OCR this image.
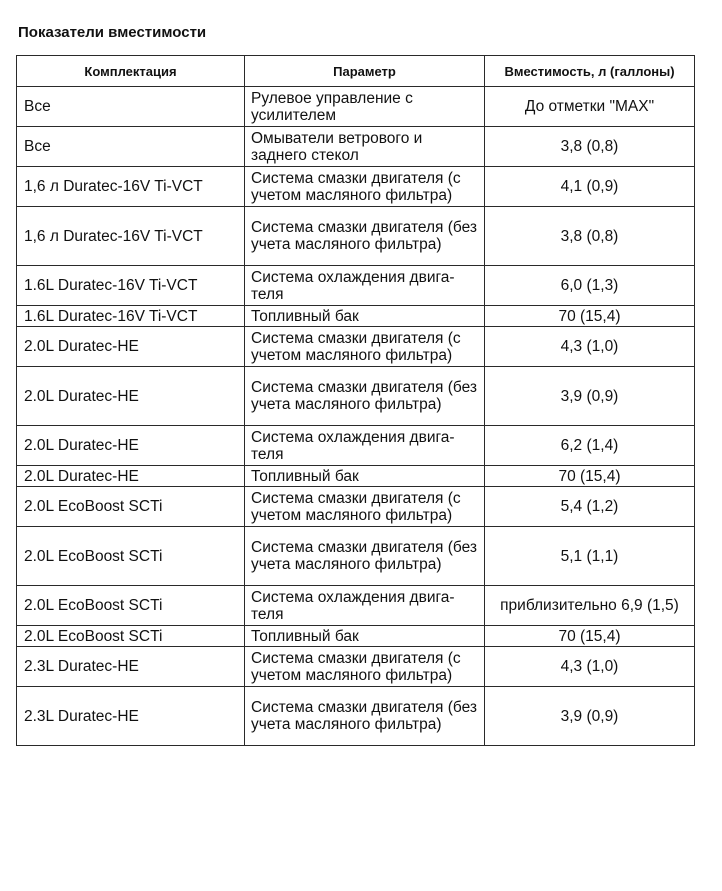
Показатели вместимости
Комплектация	Параметр	Вместимость, л (галлоны)
Все	Рулевое управление с усилителем	До отметки "MAX"
Все	Омыватели ветрового и заднего стекол	3,8 (0,8)
1,6 л Duratec-16V Ti-VCT	Система смазки двигателя (с учетом масляного фильтра)	4,1 (0,9)
1,6 л Duratec-16V Ti-VCT	Система смазки двигателя (без учета масляного фильтра)	3,8 (0,8)
1.6L Duratec-16V Ti-VCT	Система охлаждения двига-теля	6,0 (1,3)
1.6L Duratec-16V Ti-VCT	Топливный бак	70 (15,4)
2.0L Duratec-HE	Система смазки двигателя (с учетом масляного фильтра)	4,3 (1,0)
2.0L Duratec-HE	Система смазки двигателя (без учета масляного фильтра)	3,9 (0,9)
2.0L Duratec-HE	Система охлаждения двига-теля	6,2 (1,4)
2.0L Duratec-HE	Топливный бак	70 (15,4)
2.0L EcoBoost SCTi	Система смазки двигателя (с учетом масляного фильтра)	5,4 (1,2)
2.0L EcoBoost SCTi	Система смазки двигателя (без учета масляного фильтра)	5,1 (1,1)
2.0L EcoBoost SCTi	Система охлаждения двига-теля	приблизительно 6,9 (1,5)
2.0L EcoBoost SCTi	Топливный бак	70 (15,4)
2.3L Duratec-HE	Система смазки двигателя (с учетом масляного фильтра)	4,3 (1,0)
2.3L Duratec-HE	Система смазки двигателя (без учета масляного фильтра)	3,9 (0,9)
